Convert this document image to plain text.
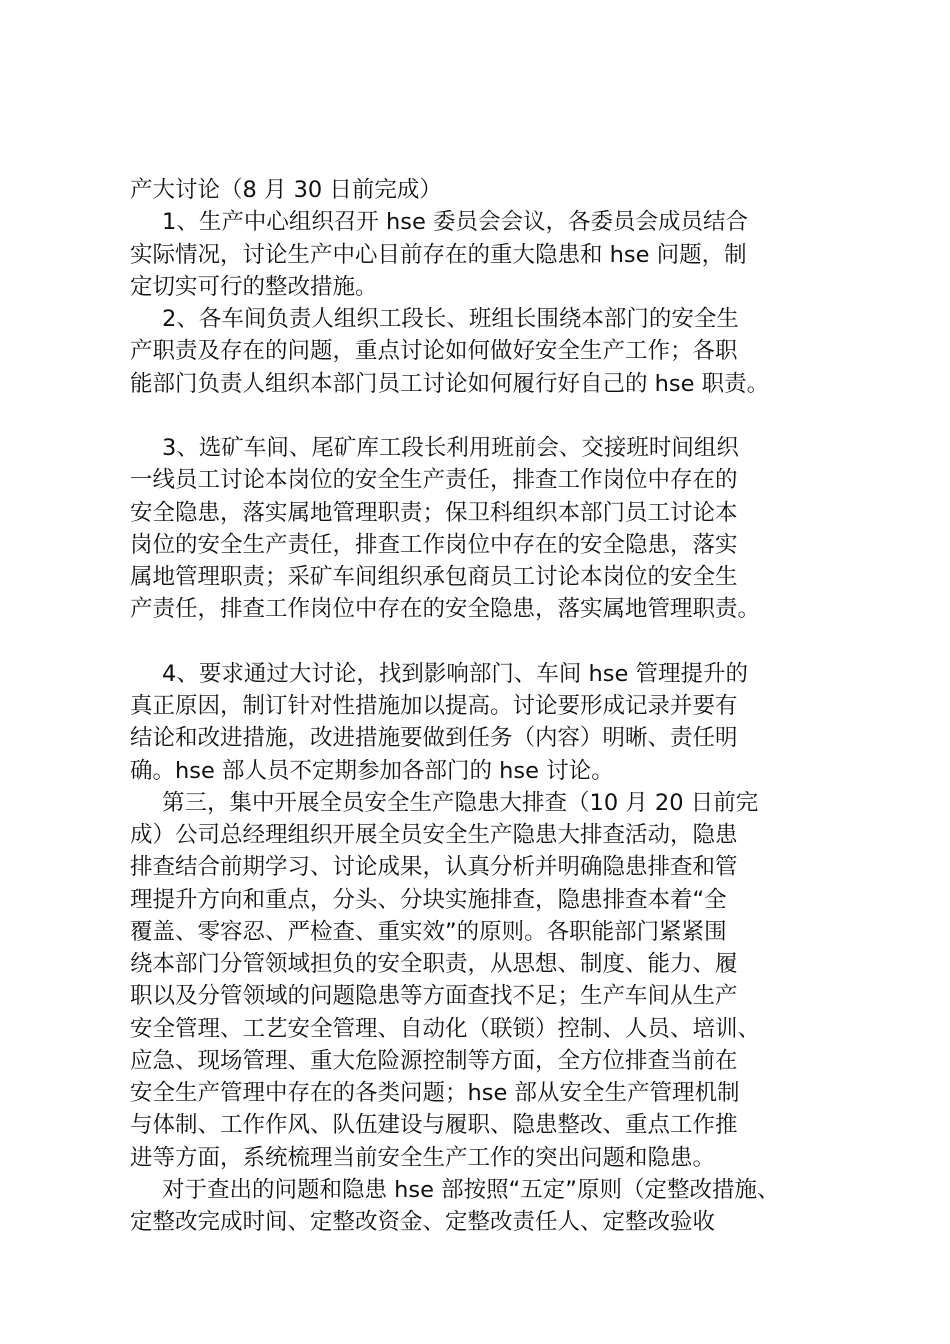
产大讨论（8 月 30 日前完成）
1、生产中心组织召开 hse 委员会会议，各委员会成员结合
实际情况，讨论生产中心目前存在的重大隐患和 hse 问题，制
定切实可行的整改措施。
2、各车间负责人组织工段长、班组长围绕本部门的安全生
产职责及存在的问题，重点讨论如何做好安全生产工作；各职
能部门负责人组织本部门员工讨论如何履行好自己的 hse 职责。
3、选矿车间、尾矿库工段长利用班前会、交接班时间组织
一线员工讨论本岗位的安全生产责任，排查工作岗位中存在的
安全隐患，落实属地管理职责；保卫科组织本部门员工讨论本
岗位的安全生产责任，排查工作岗位中存在的安全隐患，落实
属地管理职责；采矿车间组织承包商员工讨论本岗位的安全生
产责任，排查工作岗位中存在的安全隐患，落实属地管理职责。
4、要求通过大讨论，找到影响部门、车间 hse 管理提升的
真正原因，制订针对性措施加以提高。讨论要形成记录并要有
结论和改进措施，改进措施要做到任务（内容）明晰、责任明
确。hse 部人员不定期参加各部门的 hse 讨论。
第三，集中开展全员安全生产隐患大排查（10 月 20 日前完
成）公司总经理组织开展全员安全生产隐患大排查活动，隐患
排查结合前期学习、讨论成果，认真分析并明确隐患排查和管
理提升方向和重点，分头、分块实施排查，隐患排查本着“全
覆盖、零容忍、严检查、重实效”的原则。各职能部门紧紧围
绕本部门分管领域担负的安全职责，从思想、制度、能力、履
职以及分管领域的问题隐患等方面查找不足；生产车间从生产
安全管理、工艺安全管理、自动化（联锁）控制、人员、培训、
应急、现场管理、重大危险源控制等方面，全方位排查当前在
安全生产管理中存在的各类问题；hse 部从安全生产管理机制
与体制、工作作风、队伍建设与履职、隐患整改、重点工作推
进等方面，系统梳理当前安全生产工作的突出问题和隐患。
对于查出的问题和隐患 hse 部按照“五定”原则（定整改措施、
定整改完成时间、定整改资金、定整改责任人、定整改验收
